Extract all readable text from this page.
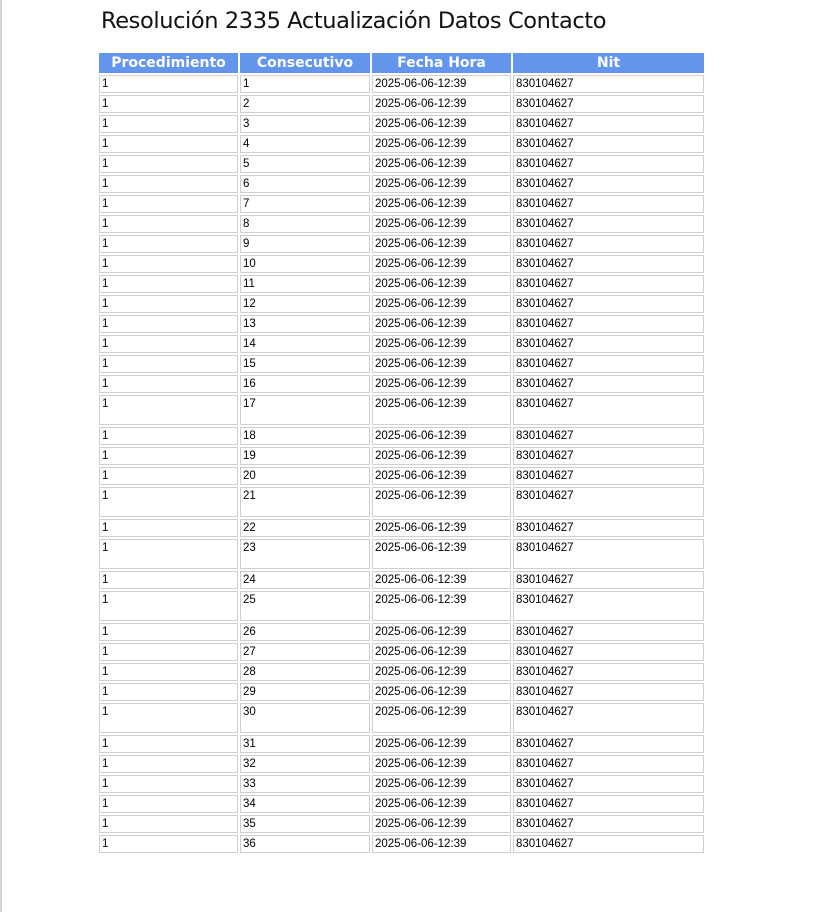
Resolución 2335 Actualización Datos Contacto
Procedimiento	Consecutivo	Fecha Hora	Nit
1	1	2025-06-06-12:39	830104627
1	2	2025-06-06-12:39	830104627
1	3	2025-06-06-12:39	830104627
1	4	2025-06-06-12:39	830104627
1	5	2025-06-06-12:39	830104627
1	6	2025-06-06-12:39	830104627
1	7	2025-06-06-12:39	830104627
1	8	2025-06-06-12:39	830104627
1	9	2025-06-06-12:39	830104627
1	10	2025-06-06-12:39	830104627
1	11	2025-06-06-12:39	830104627
1	12	2025-06-06-12:39	830104627
1	13	2025-06-06-12:39	830104627
1	14	2025-06-06-12:39	830104627
1	15	2025-06-06-12:39	830104627
1	16	2025-06-06-12:39	830104627
1	17	2025-06-06-12:39	830104627
1	18	2025-06-06-12:39	830104627
1	19	2025-06-06-12:39	830104627
1	20	2025-06-06-12:39	830104627
1	21	2025-06-06-12:39	830104627
1	22	2025-06-06-12:39	830104627
1	23	2025-06-06-12:39	830104627
1	24	2025-06-06-12:39	830104627
1	25	2025-06-06-12:39	830104627
1	26	2025-06-06-12:39	830104627
1	27	2025-06-06-12:39	830104627
1	28	2025-06-06-12:39	830104627
1	29	2025-06-06-12:39	830104627
1	30	2025-06-06-12:39	830104627
1	31	2025-06-06-12:39	830104627
1	32	2025-06-06-12:39	830104627
1	33	2025-06-06-12:39	830104627
1	34	2025-06-06-12:39	830104627
1	35	2025-06-06-12:39	830104627
1	36	2025-06-06-12:39	830104627
